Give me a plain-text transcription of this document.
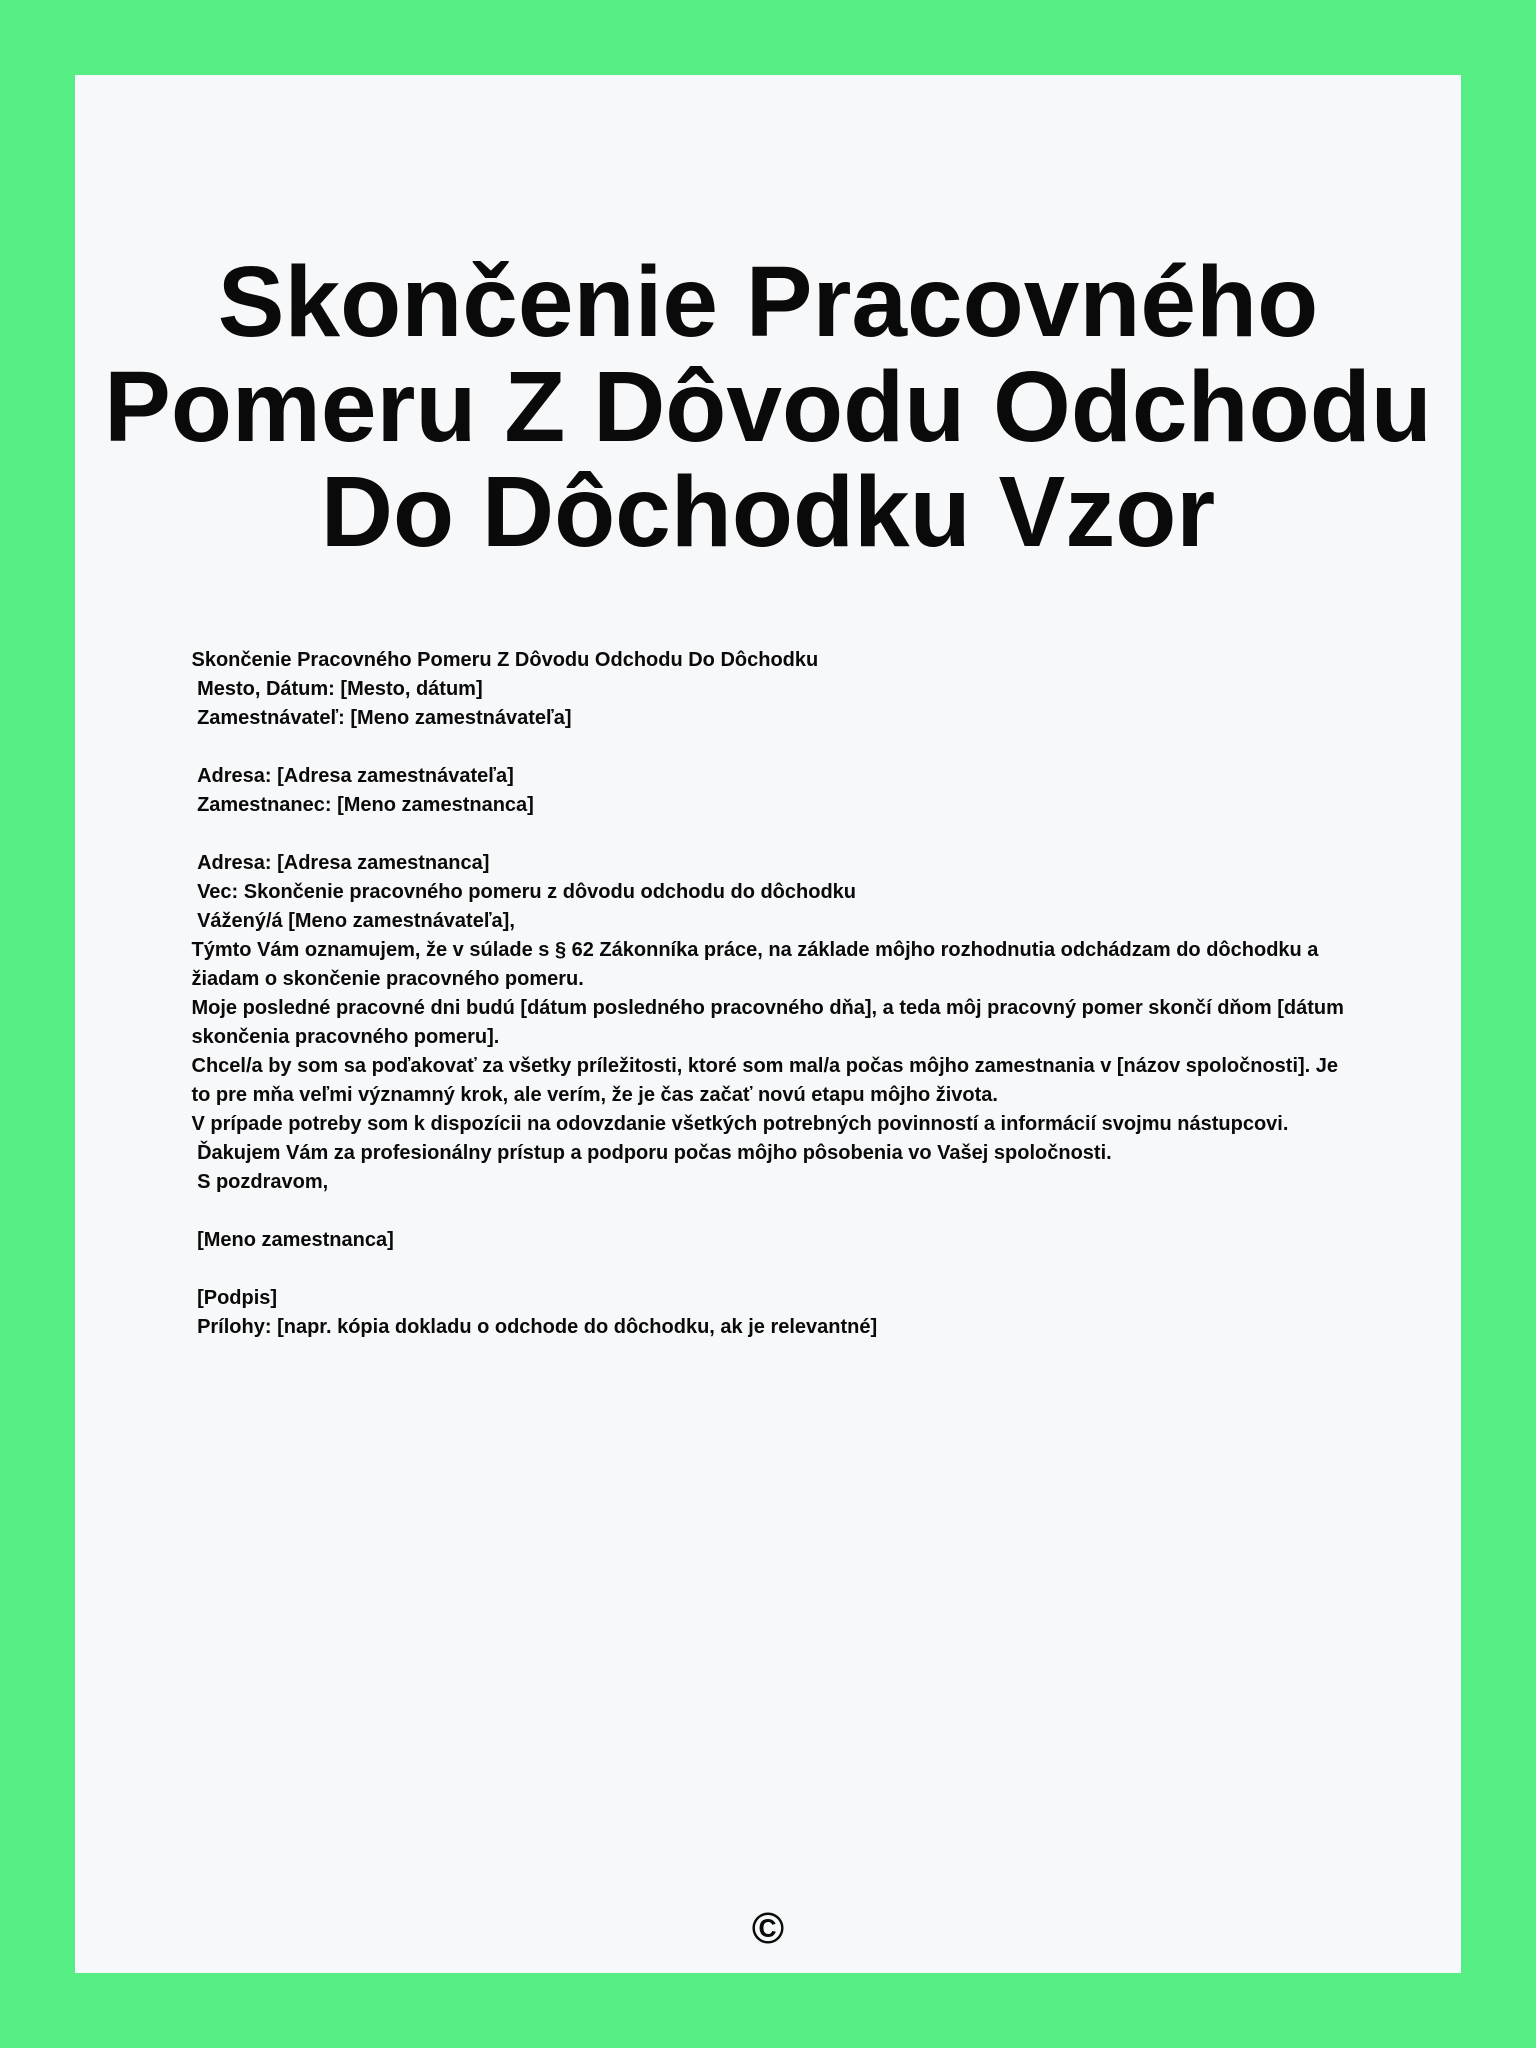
Skončenie Pracovného Pomeru Z Dôvodu Odchodu Do Dôchodku Vzor
Skončenie Pracovného Pomeru Z Dôvodu Odchodu Do Dôchodku
Mesto, Dátum: [Mesto, dátum]
Zamestnávateľ: [Meno zamestnávateľa]
Adresa: [Adresa zamestnávateľa]
Zamestnanec: [Meno zamestnanca]
Adresa: [Adresa zamestnanca]
Vec: Skončenie pracovného pomeru z dôvodu odchodu do dôchodku
Vážený/á [Meno zamestnávateľa],
Týmto Vám oznamujem, že v súlade s § 62 Zákonníka práce, na základe môjho rozhodnutia odchádzam do dôchodku a žiadam o skončenie pracovného pomeru.
Moje posledné pracovné dni budú [dátum posledného pracovného dňa], a teda môj pracovný pomer skončí dňom [dátum skončenia pracovného pomeru].
Chcel/a by som sa poďakovať za všetky príležitosti, ktoré som mal/a počas môjho zamestnania v [názov spoločnosti]. Je to pre mňa veľmi významný krok, ale verím, že je čas začať novú etapu môjho života.
V prípade potreby som k dispozícii na odovzdanie všetkých potrebných povinností a informácií svojmu nástupcovi.
Ďakujem Vám za profesionálny prístup a podporu počas môjho pôsobenia vo Vašej spoločnosti.
S pozdravom,
[Meno zamestnanca]
[Podpis]
Prílohy: [napr. kópia dokladu o odchode do dôchodku, ak je relevantné]
©
